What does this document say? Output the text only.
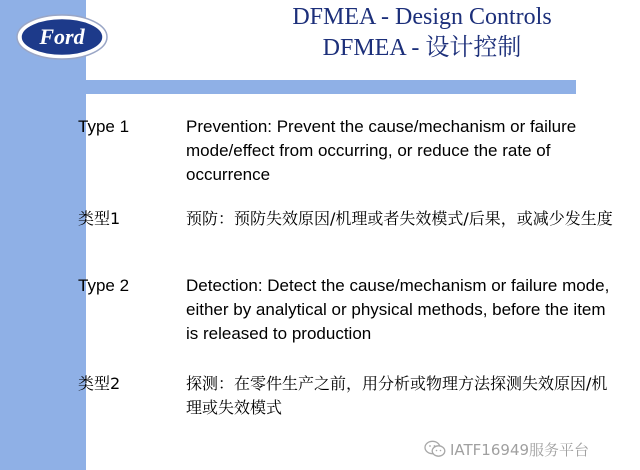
Ford
DFMEA - Design Controls
DFMEA - 设计控制
Type 1	Prevention: Prevent the cause/mechanism or failure mode/effect from occurring, or reduce the rate of occurrence
类型1	预防：预防失效原因/机理或者失效模式/后果，或减少发生度
Type 2	Detection: Detect the cause/mechanism or failure mode, either by analytical or physical methods, before the item is released to production
类型2	探测：在零件生产之前，用分析或物理方法探测失效原因/机理或失效模式
IATF16949服务平台
